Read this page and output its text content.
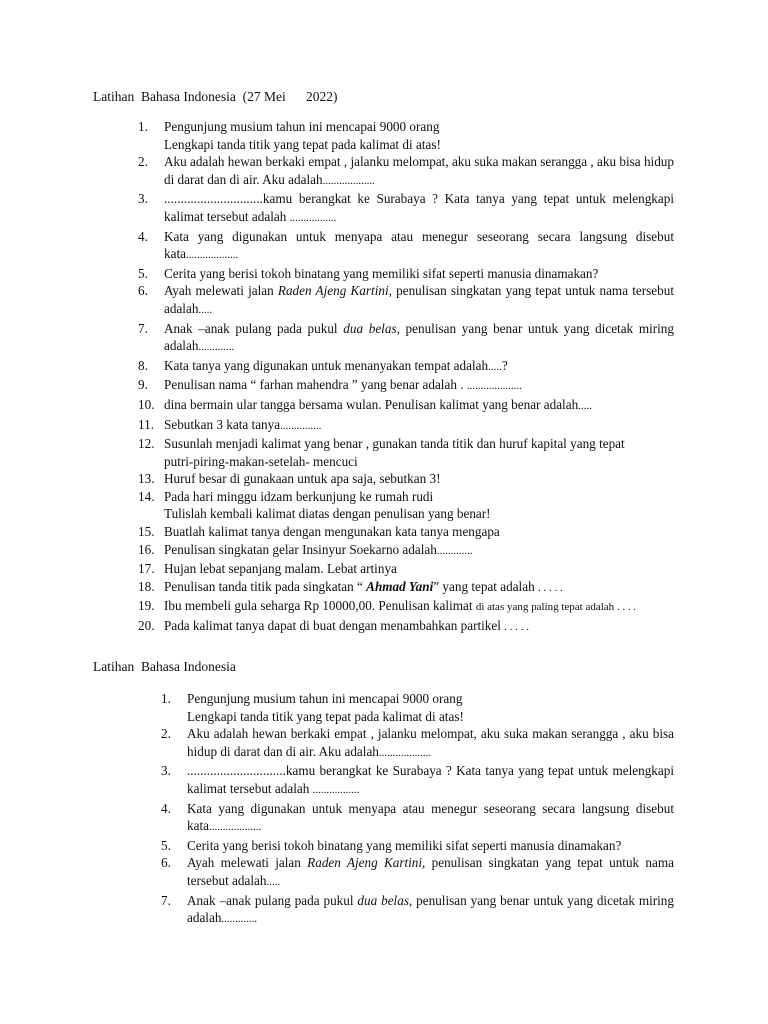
Latihan  Bahasa Indonesia  (27 Mei      2022)
1.	Pengunjung musium tahun ini mencapai 9000 orang
Lengkapi tanda titik yang tepat pada kalimat di atas!
2.	Aku adalah hewan berkaki empat , jalanku melompat, aku suka makan serangga , aku bisa hidup di darat dan di air. Aku adalah...................
3.	..............................kamu berangkat ke Surabaya ? Kata tanya yang tepat untuk melengkapi kalimat tersebut adalah .................
4.	Kata yang digunakan untuk menyapa atau menegur seseorang secara langsung disebut kata...................
5.	Cerita yang berisi tokoh binatang yang memiliki sifat seperti manusia dinamakan?
6.	Ayah melewati jalan Raden Ajeng Kartini, penulisan singkatan yang tepat untuk nama tersebut adalah.....
7.	Anak –anak pulang pada pukul dua belas, penulisan yang benar untuk yang dicetak miring adalah.............
8.	Kata tanya yang digunakan untuk menanyakan tempat adalah.....?
9.	Penulisan nama “ farhan mahendra ” yang benar adalah . ....................
10. dina bermain ular tangga bersama wulan. Penulisan kalimat yang benar adalah.....
11. Sebutkan 3 kata tanya...............
12. Susunlah menjadi kalimat yang benar , gunakan tanda titik dan huruf kapital yang tepat
putri-piring-makan-setelah- mencuci
13. Huruf besar di gunakaan untuk apa saja, sebutkan 3!
14. Pada hari minggu idzam berkunjung ke rumah rudi
Tulislah kembali kalimat diatas dengan penulisan yang benar!
15. Buatlah kalimat tanya dengan mengunakan kata tanya mengapa
16. Penulisan singkatan gelar Insinyur Soekarno adalah.............
17. Hujan lebat sepanjang malam. Lebat artinya
18. Penulisan tanda titik pada singkatan “ Ahmad Yani” yang tepat adalah . . . . .
19. Ibu membeli gula seharga Rp 10000,00. Penulisan kalimat di atas yang paling tepat adalah . . . .
20. Pada kalimat tanya dapat di buat dengan menambahkan partikel . . . . .
Latihan  Bahasa Indonesia
1.	Pengunjung musium tahun ini mencapai 9000 orang
Lengkapi tanda titik yang tepat pada kalimat di atas!
2.	Aku adalah hewan berkaki empat , jalanku melompat, aku suka makan serangga , aku bisa hidup di darat dan di air. Aku adalah...................
3.	..............................kamu berangkat ke Surabaya ? Kata tanya yang tepat untuk melengkapi kalimat tersebut adalah .................
4.	Kata yang digunakan untuk menyapa atau menegur seseorang secara langsung disebut kata...................
5.	Cerita yang berisi tokoh binatang yang memiliki sifat seperti manusia dinamakan?
6.	Ayah melewati jalan Raden Ajeng Kartini, penulisan singkatan yang tepat untuk nama tersebut adalah.....
7.	Anak –anak pulang pada pukul dua belas, penulisan yang benar untuk yang dicetak miring adalah.............
